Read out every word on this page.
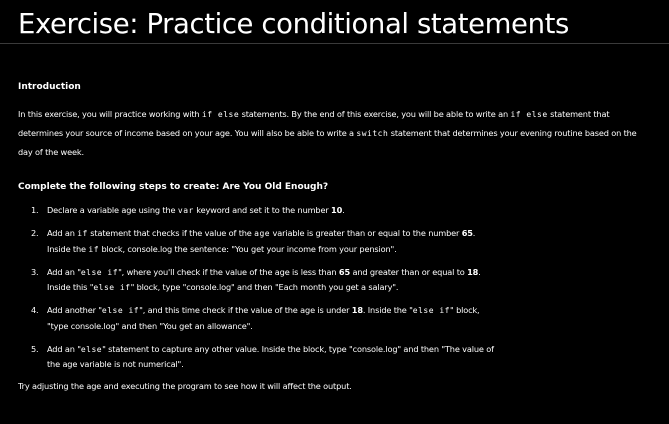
Exercise: Practice conditional statements
Introduction

In this exercise, you will practice working with if else statements. By the end of this exercise, you will be able to write an if else statement that determines your source of income based on your age. You will also be able to write a switch statement that determines your evening routine based on the day of the week.

Complete the following steps to create: Are You Old Enough?
1. Declare a variable age using the var keyword and set it to the number 10.
2. Add an if statement that checks if the value of the age variable is greater than or equal to the number 65.
Inside the if block, console.log the sentence: "You get your income from your pension".
3. Add an "else if", where you'll check if the value of the age is less than 65 and greater than or equal to 18.
Inside this "else if" block, type "console.log" and then "Each month you get a salary".
4. Add another "else if", and this time check if the value of the age is under 18. Inside the "else if" block,
"type console.log" and then "You get an allowance".
5. Add an "else" statement to capture any other value. Inside the block, type "console.log" and then "The value of
the age variable is not numerical".

Try adjusting the age and executing the program to see how it will affect the output.
